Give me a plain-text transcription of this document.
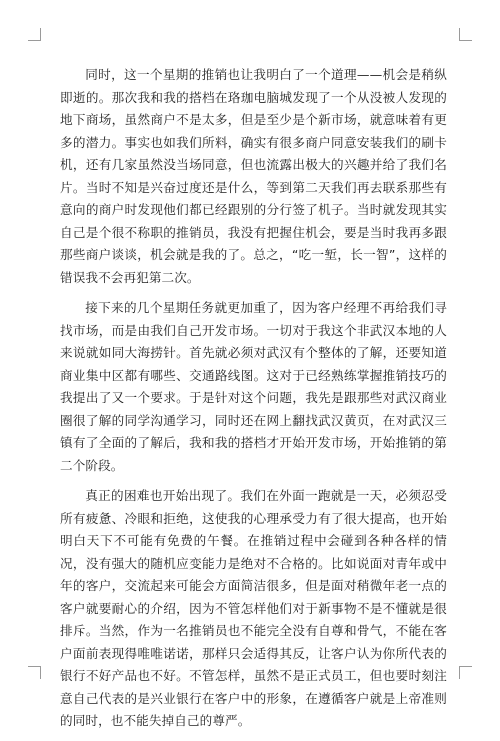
同时，这一个星期的推销也让我明白了一个道理——机会是稍纵即逝的。那次我和我的搭档在珞珈电脑城发现了一个从没被人发现的地下商场，虽然商户不是太多，但是至少是个新市场，就意味着有更多的潜力。事实也如我们所料，确实有很多商户同意安装我们的刷卡机，还有几家虽然没当场同意，但也流露出极大的兴趣并给了我们名片。当时不知是兴奋过度还是什么，等到第二天我们再去联系那些有意向的商户时发现他们都已经跟别的分行签了机子。当时就发现其实自己是个很不称职的推销员，我没有把握住机会，要是当时我再多跟那些商户谈谈，机会就是我的了。总之，“吃一堑，长一智”，这样的错误我不会再犯第二次。

接下来的几个星期任务就更加重了，因为客户经理不再给我们寻找市场，而是由我们自己开发市场。一切对于我这个非武汉本地的人来说就如同大海捞针。首先就必须对武汉有个整体的了解，还要知道商业集中区都有哪些、交通路线图。这对于已经熟练掌握推销技巧的我提出了又一个要求。于是针对这个问题，我先是跟那些对武汉商业圈很了解的同学沟通学习，同时还在网上翻找武汉黄页，在对武汉三镇有了全面的了解后，我和我的搭档才开始开发市场，开始推销的第二个阶段。

真正的困难也开始出现了。我们在外面一跑就是一天，必须忍受所有疲惫、冷眼和拒绝，这使我的心理承受力有了很大提高，也开始明白天下不可能有免费的午餐。在推销过程中会碰到各种各样的情况，没有强大的随机应变能力是绝对不合格的。比如说面对青年或中年的客户，交流起来可能会方面简洁很多，但是面对稍微年老一点的客户就要耐心的介绍，因为不管怎样他们对于新事物不是不懂就是很排斥。当然，作为一名推销员也不能完全没有自尊和骨气，不能在客户面前表现得唯唯诺诺，那样只会适得其反，让客户认为你所代表的银行不好产品也不好。不管怎样，虽然不是正式员工，但也要时刻注意自己代表的是兴业银行在客户中的形象，在遵循客户就是上帝准则的同时，也不能失掉自己的尊严。
